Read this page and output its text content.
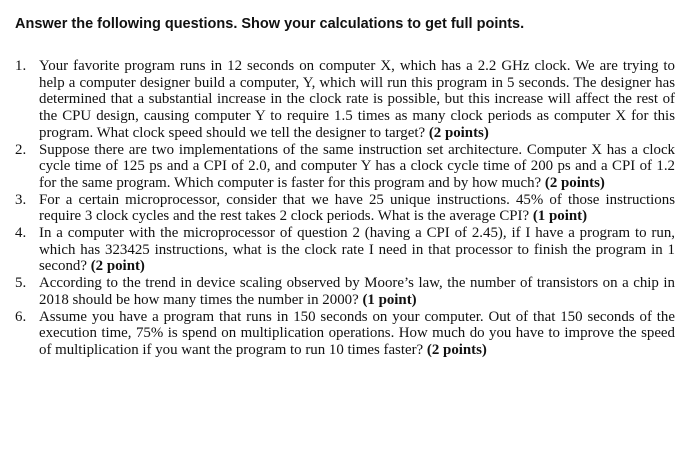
Answer the following questions. Show your calculations to get full points.

1. Your favorite program runs in 12 seconds on computer X, which has a 2.2 GHz clock. We are trying to help a computer designer build a computer, Y, which will run this program in 5 seconds. The designer has determined that a substantial increase in the clock rate is possible, but this increase will affect the rest of the CPU design, causing computer Y to require 1.5 times as many clock periods as computer X for this program. What clock speed should we tell the designer to target? (2 points)
2. Suppose there are two implementations of the same instruction set architecture. Computer X has a clock cycle time of 125 ps and a CPI of 2.0, and computer Y has a clock cycle time of 200 ps and a CPI of 1.2 for the same program. Which computer is faster for this program and by how much? (2 points)
3. For a certain microprocessor, consider that we have 25 unique instructions. 45% of those instructions require 3 clock cycles and the rest takes 2 clock periods. What is the average CPI? (1 point)
4. In a computer with the microprocessor of question 2 (having a CPI of 2.45), if I have a program to run, which has 323425 instructions, what is the clock rate I need in that processor to finish the program in 1 second? (2 point)
5. According to the trend in device scaling observed by Moore’s law, the number of transistors on a chip in 2018 should be how many times the number in 2000? (1 point)
6. Assume you have a program that runs in 150 seconds on your computer. Out of that 150 seconds of the execution time, 75% is spend on multiplication operations. How much do you have to improve the speed of multiplication if you want the program to run 10 times faster? (2 points)
